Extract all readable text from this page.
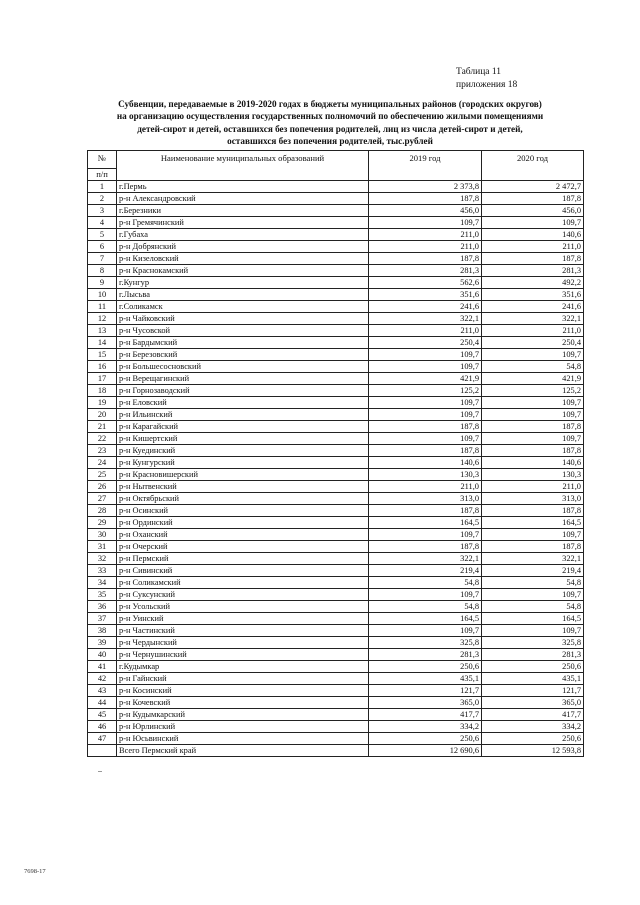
Таблица 11
приложения 18
Субвенции, передаваемые в 2019-2020 годах в бюджеты муниципальных районов (городских округов)
на организацию осуществления государственных полномочий по обеспечению жилыми помещениями
детей-сирот и детей, оставшихся без попечения родителей, лиц из числа детей-сирот и детей,
оставшихся без попечения родителей, тыс.рублей
№	Наименование муниципальных образований	2019 год	2020 год
п/п			
1	г.Пермь	2 373,8	2 472,7
2	р-н Александровский	187,8	187,8
3	г.Березники	456,0	456,0
4	р-н Гремячинский	109,7	109,7
5	г.Губаха	211,0	140,6
6	р-н Добрянский	211,0	211,0
7	р-н Кизеловский	187,8	187,8
8	р-н Краснокамский	281,3	281,3
9	г.Кунгур	562,6	492,2
10	г.Лысьва	351,6	351,6
11	г.Соликамск	241,6	241,6
12	р-н Чайковский	322,1	322,1
13	р-н Чусовской	211,0	211,0
14	р-н Бардымский	250,4	250,4
15	р-н Березовский	109,7	109,7
16	р-н Большесосновский	109,7	54,8
17	р-н Верещагинский	421,9	421,9
18	р-н Горнозаводский	125,2	125,2
19	р-н Еловский	109,7	109,7
20	р-н Ильинский	109,7	109,7
21	р-н Карагайский	187,8	187,8
22	р-н Кишертский	109,7	109,7
23	р-н Куединский	187,8	187,8
24	р-н Кунгурский	140,6	140,6
25	р-н Красновишерский	130,3	130,3
26	р-н Нытвенский	211,0	211,0
27	р-н Октябрьский	313,0	313,0
28	р-н Осинский	187,8	187,8
29	р-н Ординский	164,5	164,5
30	р-н Оханский	109,7	109,7
31	р-н Очерский	187,8	187,8
32	р-н Пермский	322,1	322,1
33	р-н Сивинский	219,4	219,4
34	р-н Соликамский	54,8	54,8
35	р-н Суксунский	109,7	109,7
36	р-н Усольский	54,8	54,8
37	р-н Уинский	164,5	164,5
38	р-н Частинский	109,7	109,7
39	р-н Чердынский	325,8	325,8
40	р-н Чернушинский	281,3	281,3
41	г.Кудымкар	250,6	250,6
42	р-н Гайнский	435,1	435,1
43	р-н Косинский	121,7	121,7
44	р-н Кочевский	365,0	365,0
45	р-н Кудымкарский	417,7	417,7
46	р-н Юрлинский	334,2	334,2
47	р-н Юсьвинский	250,6	250,6
	Всего Пермский край	12 690,6	12 593,8
7698-17
